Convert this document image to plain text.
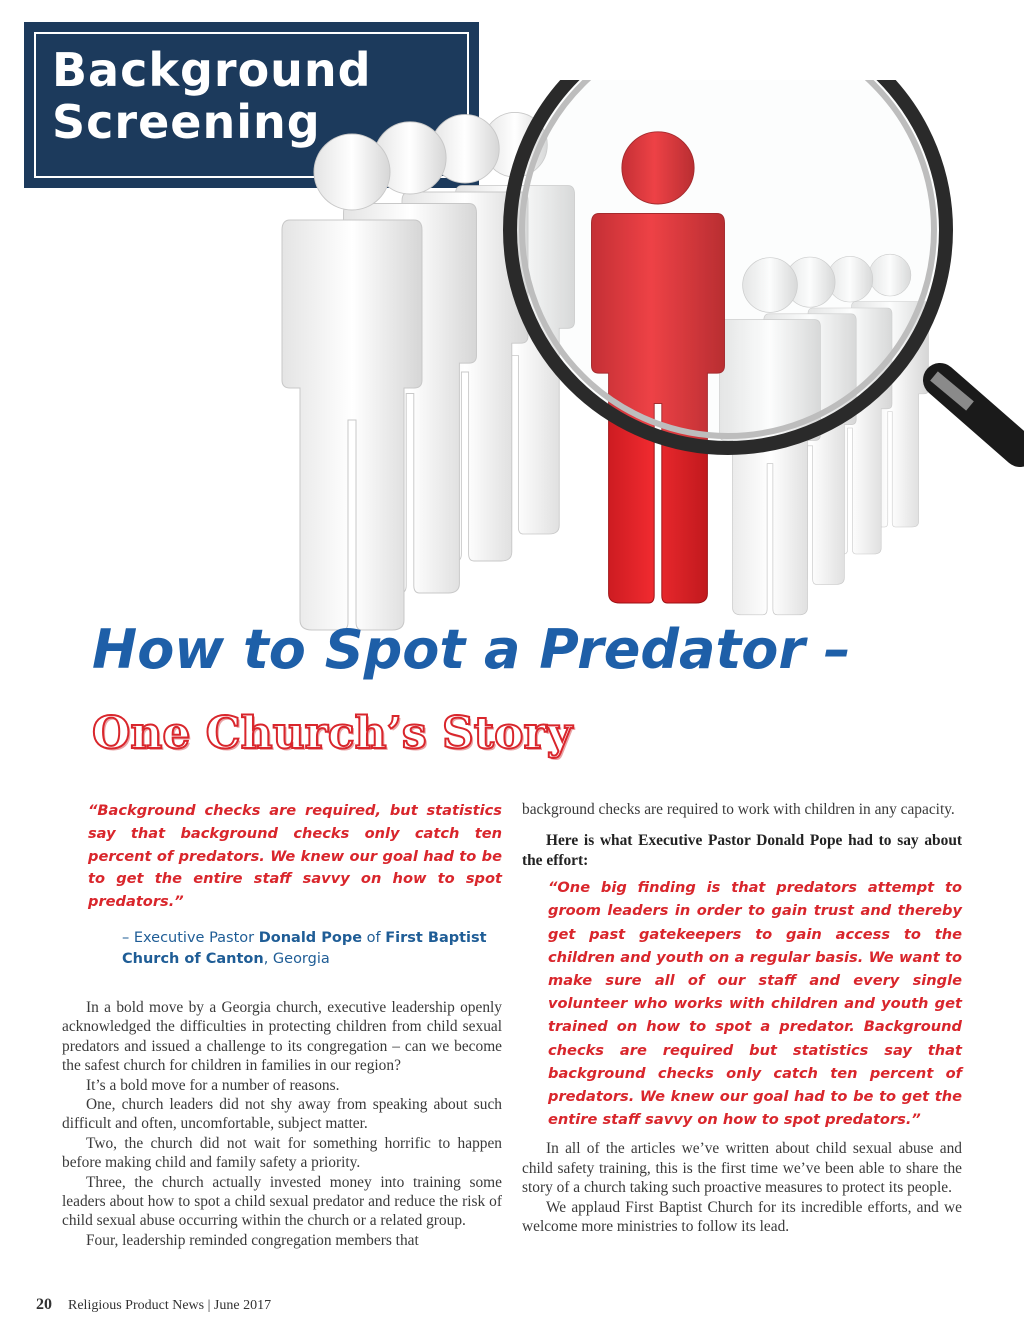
Background
Screening
How to Spot a Predator –
One Church’s Story
“Background checks are required, but statistics say that background checks only catch ten percent of predators. We knew our goal had to be to get the entire staff savvy on how to spot predators.”
– Executive Pastor Donald Pope of First Baptist Church of Canton, Georgia

In a bold move by a Georgia church, executive leadership openly acknowledged the difficulties in protecting children from child sexual predators and issued a challenge to its congregation – can we become the safest church for children in families in our region?

It’s a bold move for a number of reasons.

One, church leaders did not shy away from speaking about such difficult and often, uncomfortable, subject matter.

Two, the church did not wait for something horrific to happen before making child and family safety a priority.

Three, the church actually invested money into training some leaders about how to spot a child sexual predator and reduce the risk of child sexual abuse occurring within the church or a related group.

Four, leadership reminded congregation members that

background checks are required to work with children in any capacity.

Here is what Executive Pastor Donald Pope had to say about the effort:
“One big finding is that predators attempt to groom leaders in order to gain trust and thereby get past gatekeepers to gain access to the children and youth on a regular basis. We want to make sure all of our staff and every single volunteer who works with children and youth get trained on how to spot a predator. Background checks are required but statistics say that background checks only catch ten percent of predators. We knew our goal had to be to get the entire staff savvy on how to spot predators.”

In all of the articles we’ve written about child sexual abuse and child safety training, this is the first time we’ve been able to share the story of a church taking such proactive measures to protect its people.

We applaud First Baptist Church for its incredible efforts, and we welcome more ministries to follow its lead.

20 Religious Product News | June 2017
